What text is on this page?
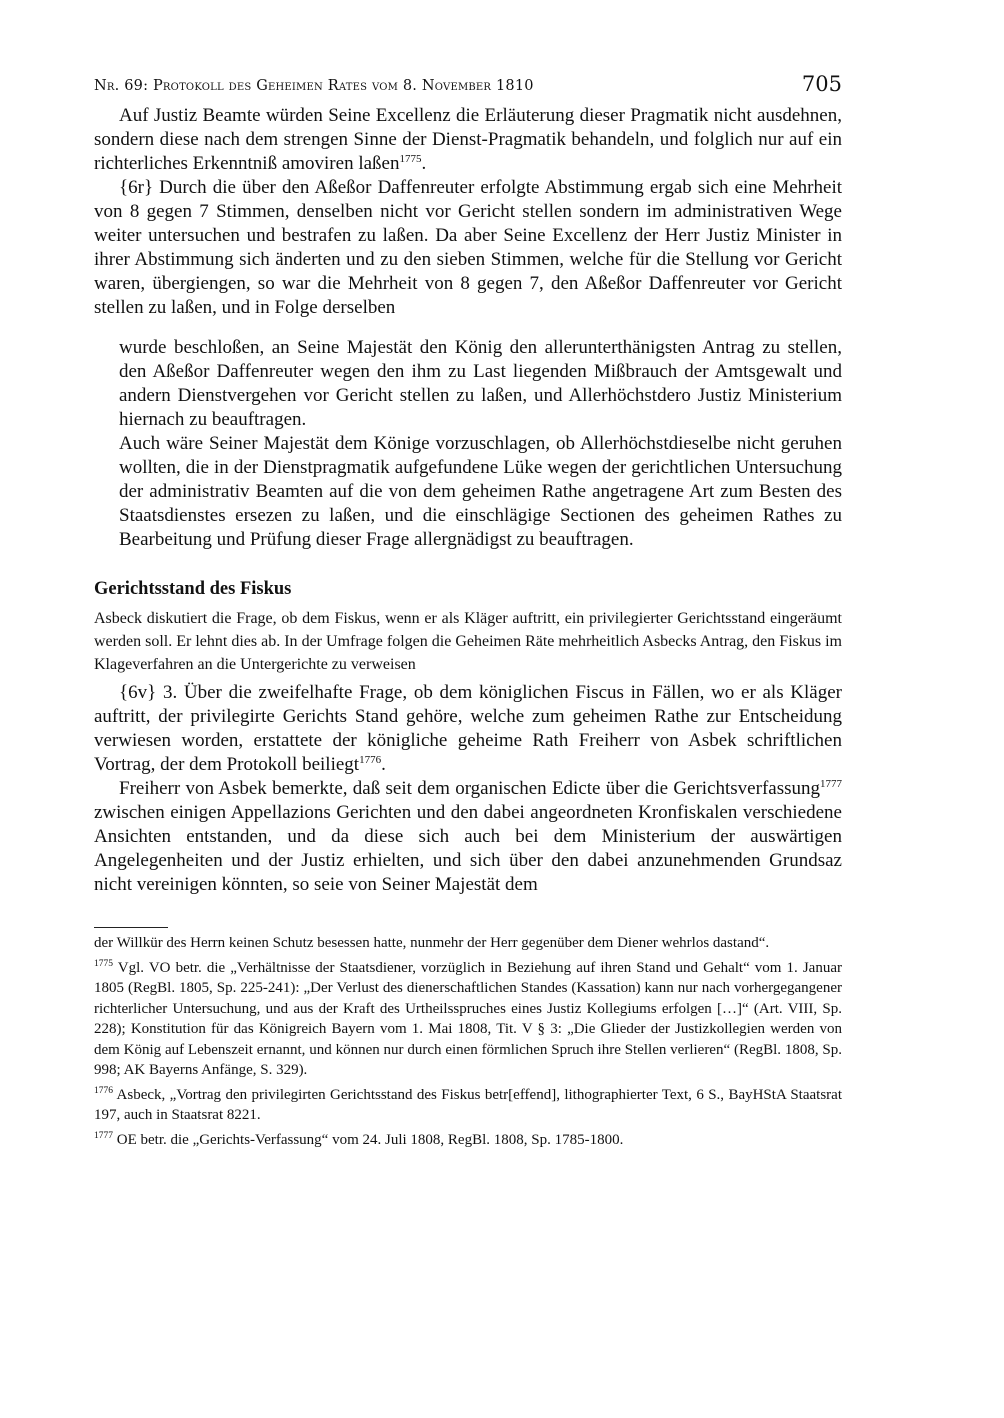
Nr. 69: Protokoll des Geheimen Rates vom 8. November 1810	705

Auf Justiz Beamte würden Seine Excellenz die Erläuterung dieser Pragmatik nicht ausdehnen, sondern diese nach dem strengen Sinne der Dienst-Pragmatik behandeln, und folglich nur auf ein richterliches Erkenntniß amoviren laßen$^{1775}$.

{6r} Durch die über den Aßeßor Daffenreuter erfolgte Abstimmung ergab sich eine Mehrheit von 8 gegen 7 Stimmen, denselben nicht vor Gericht stellen sondern im administrativen Wege weiter untersuchen und bestrafen zu laßen. Da aber Seine Excellenz der Herr Justiz Minister in ihrer Abstimmung sich änderten und zu den sieben Stimmen, welche für die Stellung vor Gericht waren, übergiengen, so war die Mehrheit von 8 gegen 7, den Aßeßor Daffenreuter vor Gericht stellen zu laßen, und in Folge derselben

wurde beschloßen, an Seine Majestät den König den allerunterthänigsten Antrag zu stellen, den Aßeßor Daffenreuter wegen den ihm zu Last liegenden Mißbrauch der Amtsgewalt und andern Dienstvergehen vor Gericht stellen zu laßen, und Allerhöchstdero Justiz Ministerium hiernach zu beauftragen.

Auch wäre Seiner Majestät dem Könige vorzuschlagen, ob Allerhöchstdieselbe nicht geruhen wollten, die in der Dienstpragmatik aufgefundene Lüke wegen der gerichtlichen Untersuchung der administrativ Beamten auf die von dem geheimen Rathe angetragene Art zum Besten des Staatsdienstes ersezen zu laßen, und die einschlägige Sectionen des geheimen Rathes zu Bearbeitung und Prüfung dieser Frage allergnädigst zu beauftragen.

Gerichtsstand des Fiskus
Asbeck diskutiert die Frage, ob dem Fiskus, wenn er als Kläger auftritt, ein privilegierter Gerichtsstand eingeräumt werden soll. Er lehnt dies ab. In der Umfrage folgen die Geheimen Räte mehrheitlich Asbecks Antrag, den Fiskus im Klageverfahren an die Untergerichte zu verweisen

{6v} 3. Über die zweifelhafte Frage, ob dem königlichen Fiscus in Fällen, wo er als Kläger auftritt, der privilegirte Gerichts Stand gehöre, welche zum geheimen Rathe zur Entscheidung verwiesen worden, erstattete der königliche geheime Rath Freiherr von Asbek schriftlichen Vortrag, der dem Protokoll beiliegt$^{1776}$.

Freiherr von Asbek bemerkte, daß seit dem organischen Edicte über die Gerichtsverfassung$^{1777}$ zwischen einigen Appellazions Gerichten und den dabei angeordneten Kronfiskalen verschiedene Ansichten entstanden, und da diese sich auch bei dem Ministerium der auswärtigen Angelegenheiten und der Justiz erhielten, und sich über den dabei anzunehmenden Grundsaz nicht vereinigen könnten, so seie von Seiner Majestät dem

der Willkür des Herrn keinen Schutz besessen hatte, nunmehr der Herr gegenüber dem Diener wehrlos dastand“.

$^{1775}$ Vgl. VO betr. die „Verhältnisse der Staatsdiener, vorzüglich in Beziehung auf ihren Stand und Gehalt“ vom 1. Januar 1805 (RegBl. 1805, Sp. 225-241): „Der Verlust des dienerschaftlichen Standes (Kassation) kann nur nach vorhergegangener richterlicher Untersuchung, und aus der Kraft des Urtheilsspruches eines Justiz Kollegiums erfolgen […]“ (Art. VIII, Sp. 228); Konstitution für das Königreich Bayern vom 1. Mai 1808, Tit. V § 3: „Die Glieder der Justizkollegien werden von dem König auf Lebenszeit ernannt, und können nur durch einen förmlichen Spruch ihre Stellen verlieren“ (RegBl. 1808, Sp. 998; AK Bayerns Anfänge, S. 329).

$^{1776}$ Asbeck, „Vortrag den privilegirten Gerichtsstand des Fiskus betr[effend], lithographierter Text, 6 S., BayHStA Staatsrat 197, auch in Staatsrat 8221.

$^{1777}$ OE betr. die „Gerichts-Verfassung“ vom 24. Juli 1808, RegBl. 1808, Sp. 1785-1800.
